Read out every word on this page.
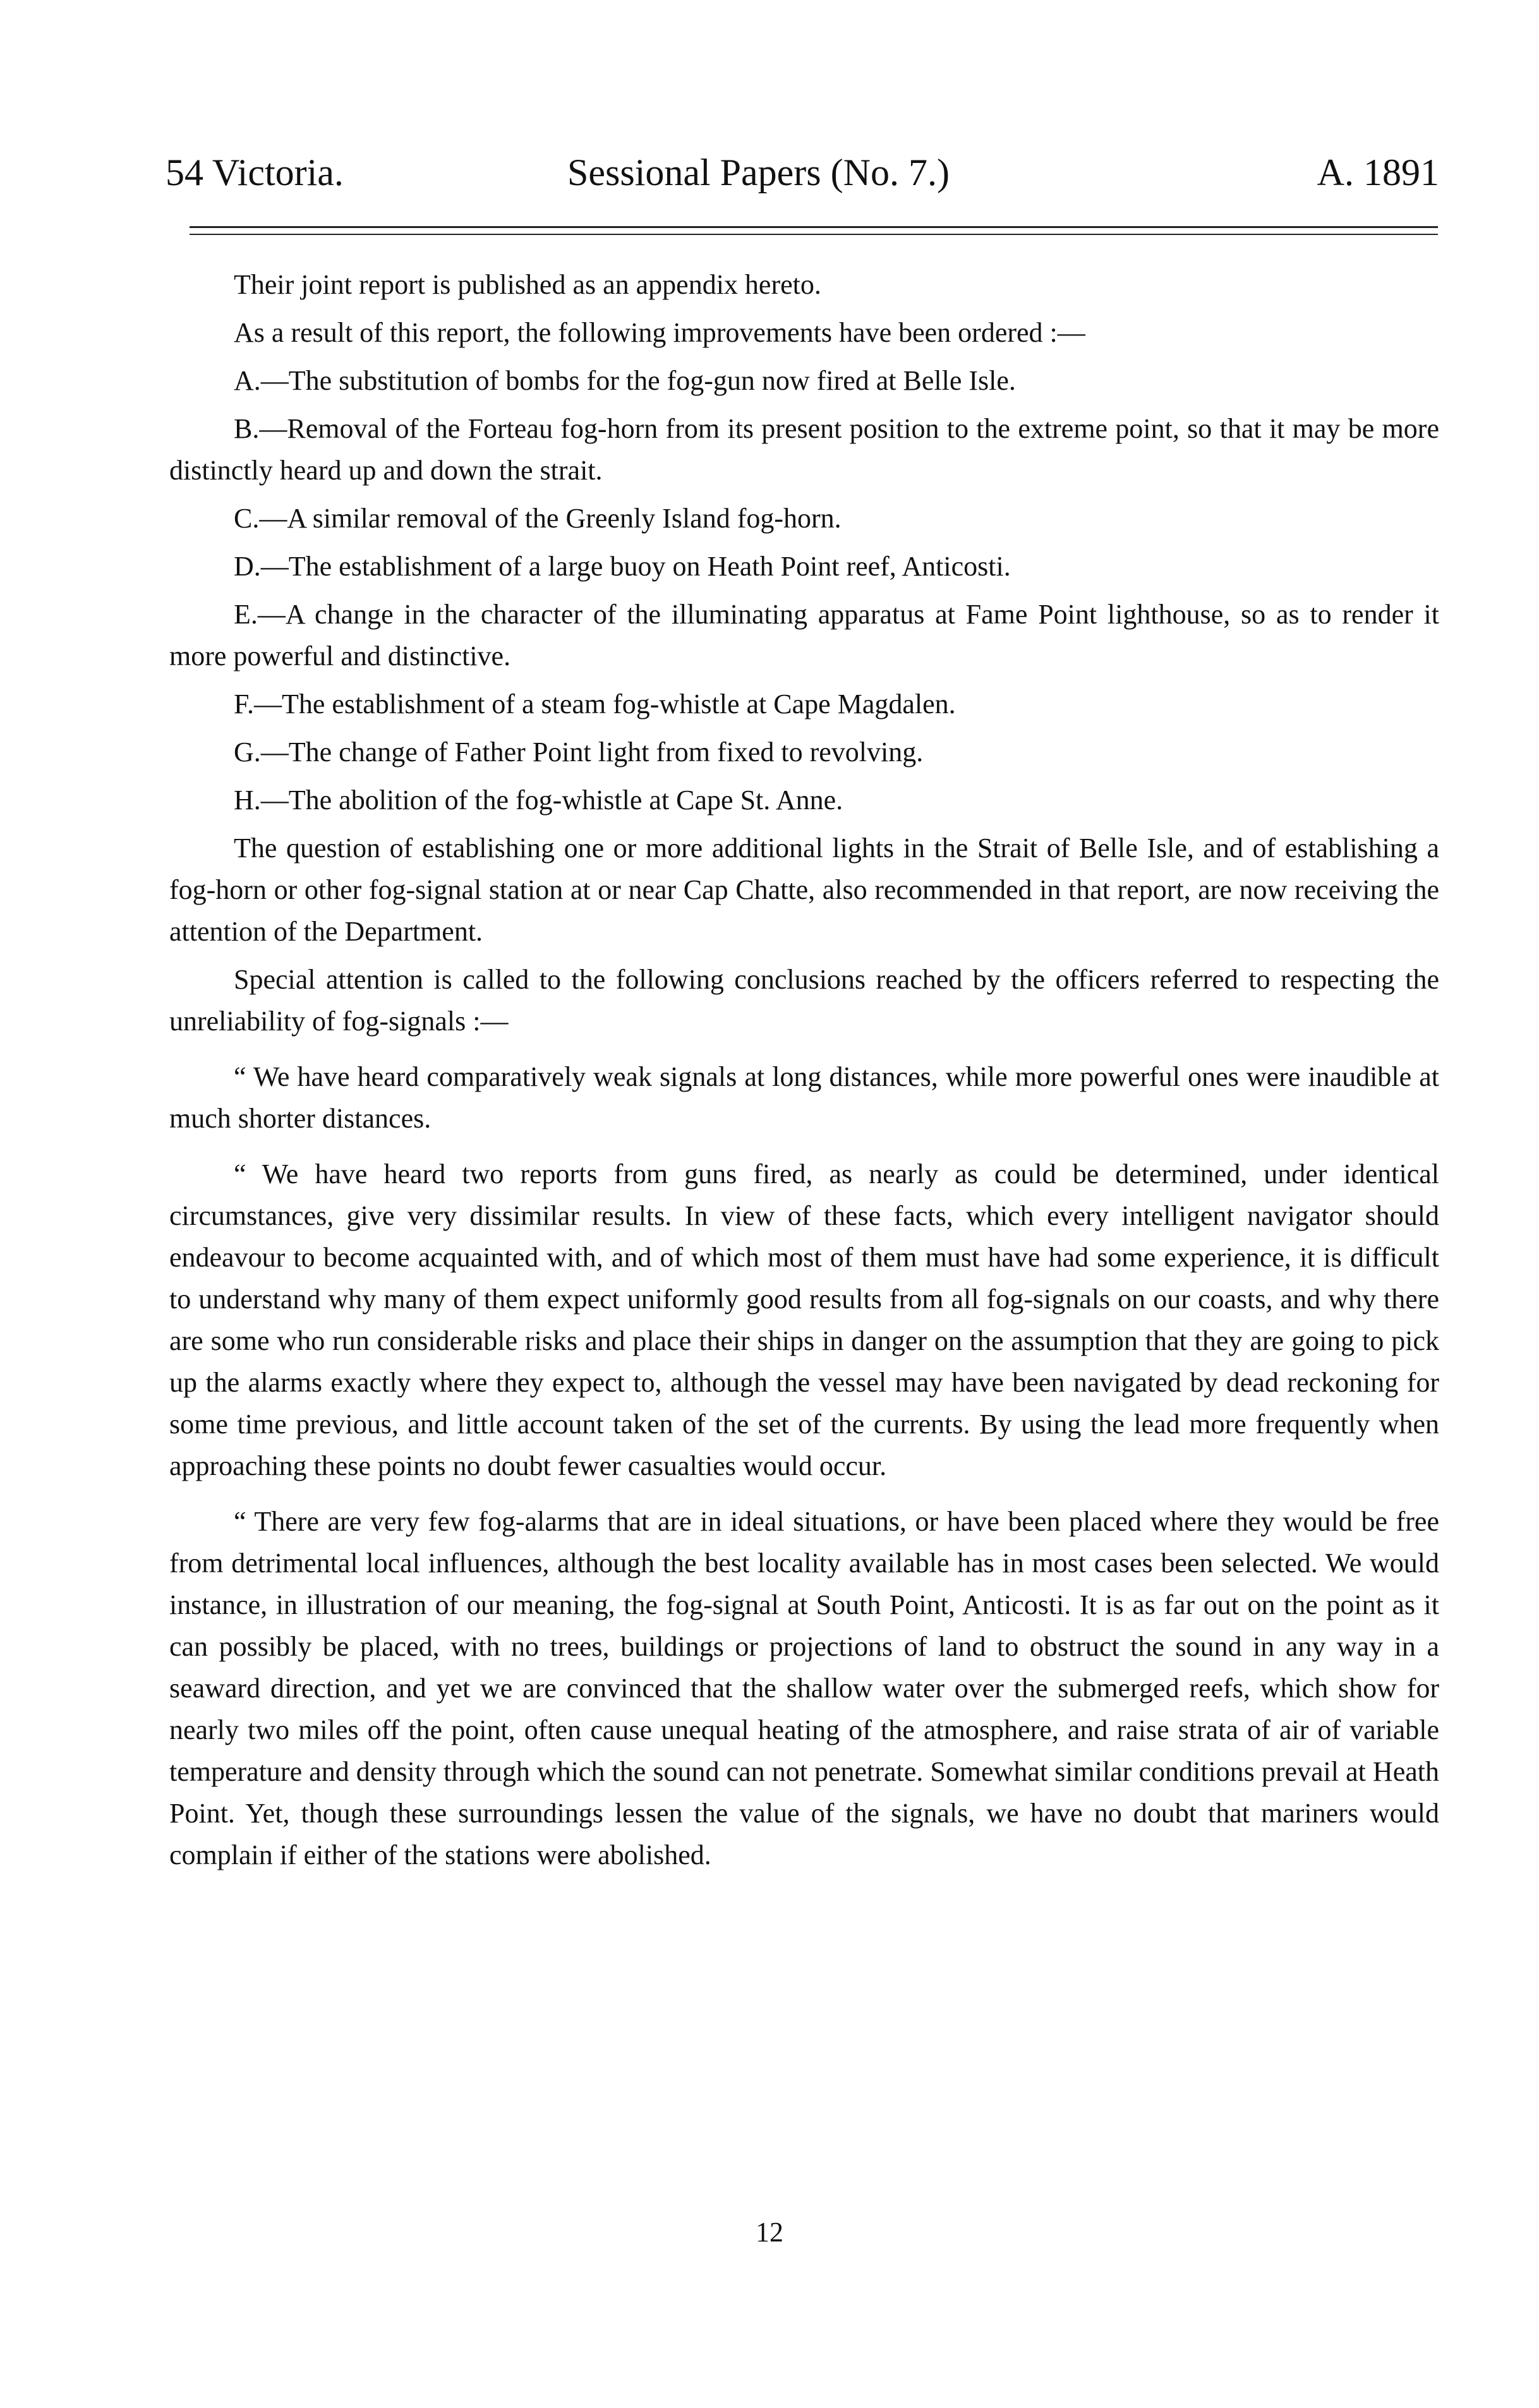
54 Victoria.	Sessional Papers (No. 7.)	A. 1891

Their joint report is published as an appendix hereto.

As a result of this report, the following improvements have been ordered :—

A.—The substitution of bombs for the fog-gun now fired at Belle Isle.

B.—Removal of the Forteau fog-horn from its present position to the extreme point, so that it may be more distinctly heard up and down the strait.

C.—A similar removal of the Greenly Island fog-horn.

D.—The establishment of a large buoy on Heath Point reef, Anticosti.

E.—A change in the character of the illuminating apparatus at Fame Point lighthouse, so as to render it more powerful and distinctive.

F.—The establishment of a steam fog-whistle at Cape Magdalen.

G.—The change of Father Point light from fixed to revolving.

H.—The abolition of the fog-whistle at Cape St. Anne.

The question of establishing one or more additional lights in the Strait of Belle Isle, and of establishing a fog-horn or other fog-signal station at or near Cap Chatte, also recommended in that report, are now receiving the attention of the Department.

Special attention is called to the following conclusions reached by the officers referred to respecting the unreliability of fog-signals :—

“ We have heard comparatively weak signals at long distances, while more powerful ones were inaudible at much shorter distances.

“ We have heard two reports from guns fired, as nearly as could be determined, under identical circumstances, give very dissimilar results. In view of these facts, which every intelligent navigator should endeavour to become acquainted with, and of which most of them must have had some experience, it is difficult to understand why many of them expect uniformly good results from all fog-signals on our coasts, and why there are some who run considerable risks and place their ships in danger on the assumption that they are going to pick up the alarms exactly where they expect to, although the vessel may have been navigated by dead reckoning for some time previous, and little account taken of the set of the currents. By using the lead more frequently when approaching these points no doubt fewer casualties would occur.

“ There are very few fog-alarms that are in ideal situations, or have been placed where they would be free from detrimental local influences, although the best locality available has in most cases been selected. We would instance, in illustration of our meaning, the fog-signal at South Point, Anticosti. It is as far out on the point as it can possibly be placed, with no trees, buildings or projections of land to obstruct the sound in any way in a seaward direction, and yet we are convinced that the shallow water over the submerged reefs, which show for nearly two miles off the point, often cause unequal heating of the atmosphere, and raise strata of air of variable temperature and density through which the sound can not penetrate. Somewhat similar conditions prevail at Heath Point. Yet, though these surroundings lessen the value of the signals, we have no doubt that mariners would complain if either of the stations were abolished.

12
